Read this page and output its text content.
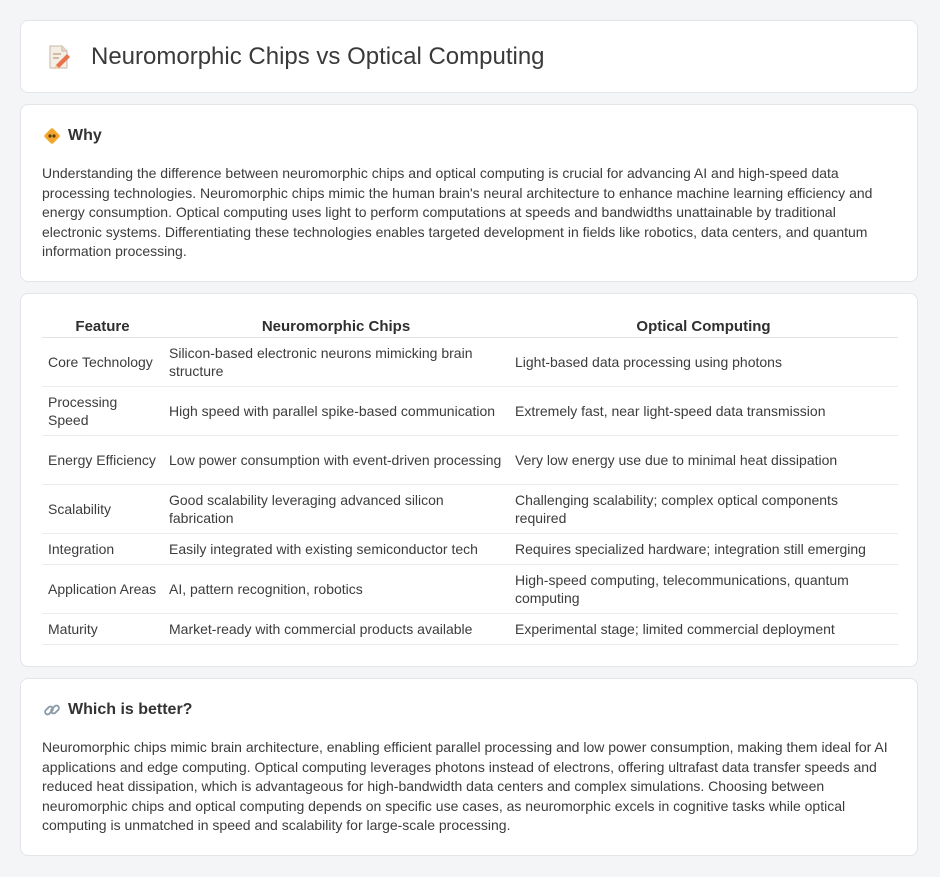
Neuromorphic Chips vs Optical Computing
Why

Understanding the difference between neuromorphic chips and optical computing is crucial for advancing AI and high-speed data processing technologies. Neuromorphic chips mimic the human brain's neural architecture to enhance machine learning efficiency and energy consumption. Optical computing uses light to perform computations at speeds and bandwidths unattainable by traditional electronic systems. Differentiating these technologies enables targeted development in fields like robotics, data centers, and quantum information processing.

Feature	Neuromorphic Chips	Optical Computing
Core Technology	Silicon-based electronic neurons mimicking brain structure	Light-based data processing using photons
Processing Speed	High speed with parallel spike-based communication	Extremely fast, near light-speed data transmission
Energy Efficiency	Low power consumption with event-driven processing	Very low energy use due to minimal heat dissipation
Scalability	Good scalability leveraging advanced silicon fabrication	Challenging scalability; complex optical components required
Integration	Easily integrated with existing semiconductor tech	Requires specialized hardware; integration still emerging
Application Areas	AI, pattern recognition, robotics	High-speed computing, telecommunications, quantum computing
Maturity	Market-ready with commercial products available	Experimental stage; limited commercial deployment
Which is better?

Neuromorphic chips mimic brain architecture, enabling efficient parallel processing and low power consumption, making them ideal for AI applications and edge computing. Optical computing leverages photons instead of electrons, offering ultrafast data transfer speeds and reduced heat dissipation, which is advantageous for high-bandwidth data centers and complex simulations. Choosing between neuromorphic chips and optical computing depends on specific use cases, as neuromorphic excels in cognitive tasks while optical computing is unmatched in speed and scalability for large-scale processing.
